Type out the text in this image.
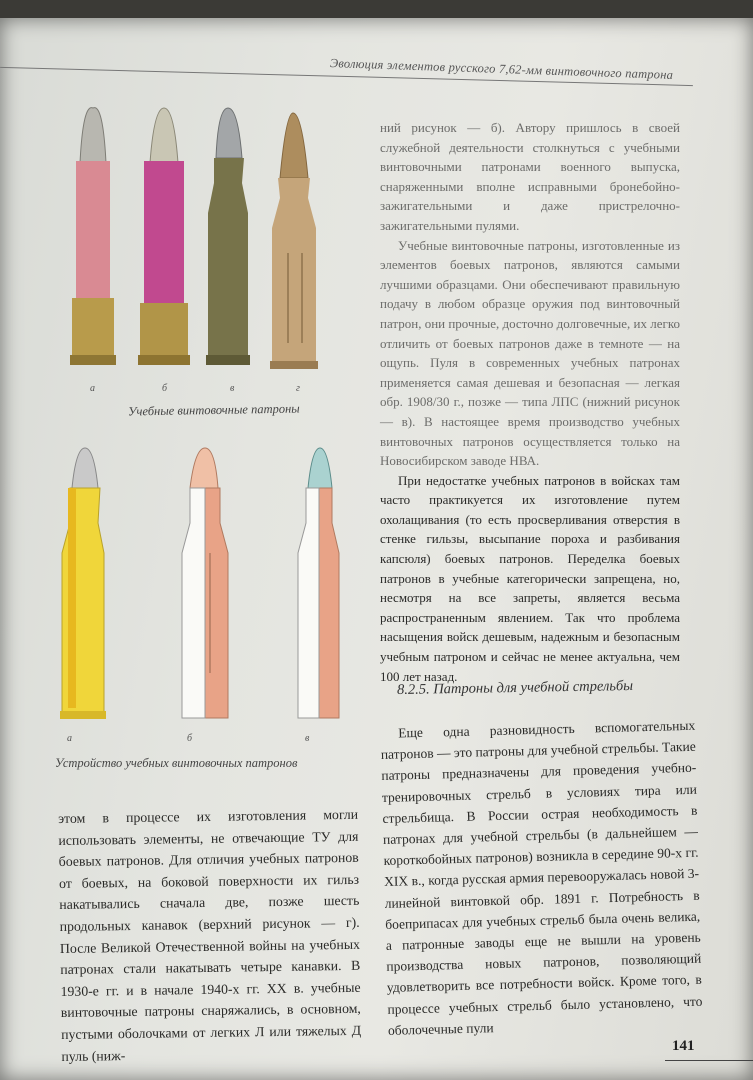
Эволюция элементов русского 7,62-мм винтовочного патрона
а	б	в	г
Учебные винтовочные патроны
а	б	в
Устройство учебных винтовочных патронов

ний рисунок — б). Автору пришлось в своей служебной деятельности столкнуться с учебными винтовочными патронами военного выпуска, снаряженными вполне исправными бронебойно-зажигательными и даже пристрелочно-зажигательными пулями.

Учебные винтовочные патроны, изготовленные из элементов боевых патронов, являются самыми лучшими образцами. Они обеспечивают правильную подачу в любом образце оружия под винтовочный патрон, они прочные, досточно долговечные, их легко отличить от боевых патронов даже в темноте — на ощупь. Пуля в современных учебных патронах применяется самая дешевая и безопасная — легкая обр. 1908/30 г., позже — типа ЛПС (нижний рисунок — в). В настоящее время производство учебных винтовочных патронов осуществляется только на Новосибирском заводе НВА.

При недостатке учебных патронов в войсках там часто практикуется их изготовление путем охолащивания (то есть просверливания отверстия в стенке гильзы, высыпание пороха и разбивания капсюля) боевых патронов. Переделка боевых патронов в учебные категорически запрещена, но, несмотря на все запреты, является весьма распространенным явлением. Так что проблема насыщения войск дешевым, надежным и безопасным учебным патроном и сейчас не менее актуальна, чем 100 лет назад.

8.2.5. Патроны для учебной стрельбы

Еще одна разновидность вспомогательных патронов — это патроны для учебной стрельбы. Такие патроны предназначены для проведения учебно-тренировочных стрельб в условиях тира или стрельбища. В России острая необходимость в патронах для учебной стрельбы (в дальнейшем — короткобойных патронов) возникла в середине 90-х гг. XIX в., когда русская армия перевооружалась новой 3-линейной винтовкой обр. 1891 г. Потребность в боеприпасах для учебных стрельб была очень велика, а патронные заводы еще не вышли на уровень производства новых патронов, позволяющий удовлетворить все потребности войск. Кроме того, в процессе учебных стрельб было установлено, что оболочечные пули

этом в процессе их изготовления могли использовать элементы, не отвечающие ТУ для боевых патронов. Для отличия учебных патронов от боевых, на боковой поверхности их гильз накатывались сначала две, позже шесть продольных канавок (верхний рисунок — г). После Великой Отечественной войны на учебных патронах стали накатывать четыре канавки. В 1930-е гг. и в начале 1940-х гг. XX в. учебные винтовочные патроны снаряжались, в основном, пустыми оболочками от легких Л или тяжелых Д пуль (ниж-

141
